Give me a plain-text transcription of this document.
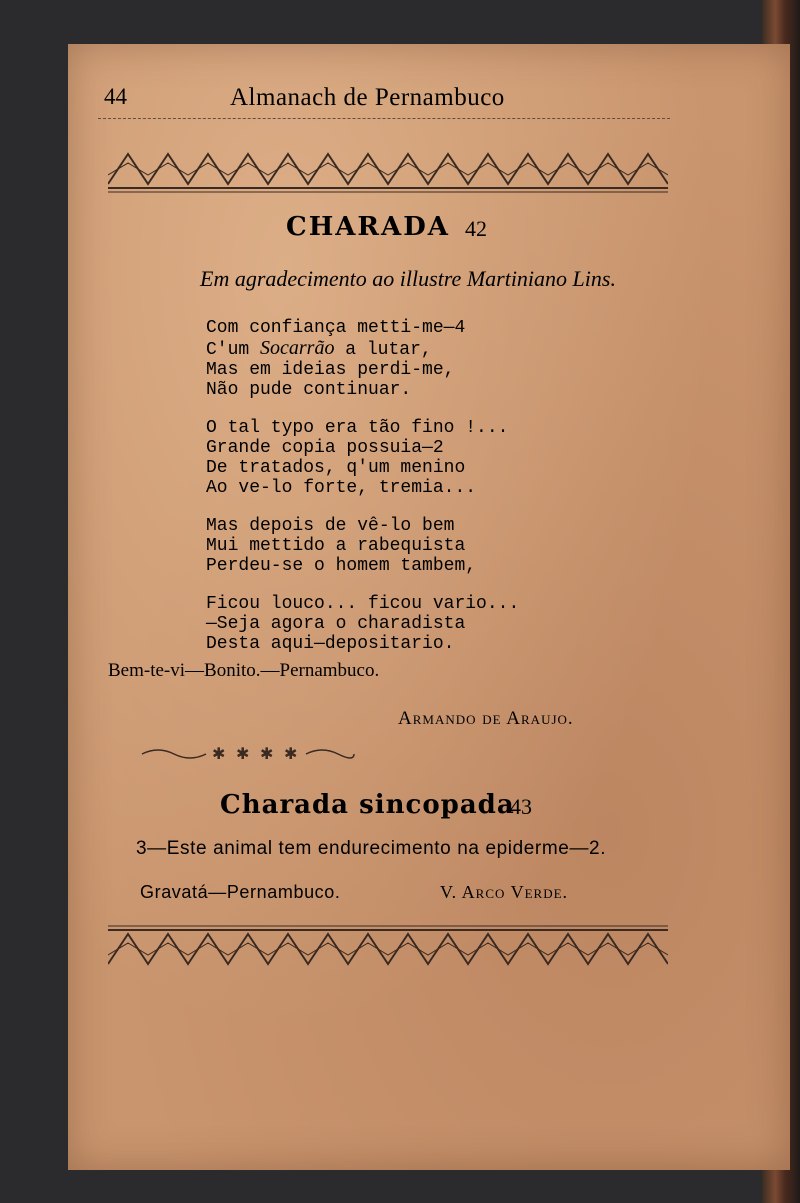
44	Almanach de Pernambuco
CHARADA 42
Em agradecimento ao illustre Martiniano Lins.
Com confiança metti-me—4
C'um Socarrão a lutar,
Mas em ideias perdi-me,
Não pude continuar.
O tal typo era tão fino !...
Grande copia possuia—2
De tratados, q'um menino
Ao ve-lo forte, tremia...
Mas depois de vê-lo bem
Mui mettido a rabequista
Perdeu-se o homem tambem,
Ficou louco... ficou vario...
—Seja agora o charadista
Desta aqui—depositario.
Bem-te-vi—Bonito.—Pernambuco.
Armando de Araujo.
✱ ✱ ✱ ✱
Charada sincopada
43
3—Este animal tem endurecimento na epiderme—2.
Gravatá—Pernambuco.	V. Arco Verde.
